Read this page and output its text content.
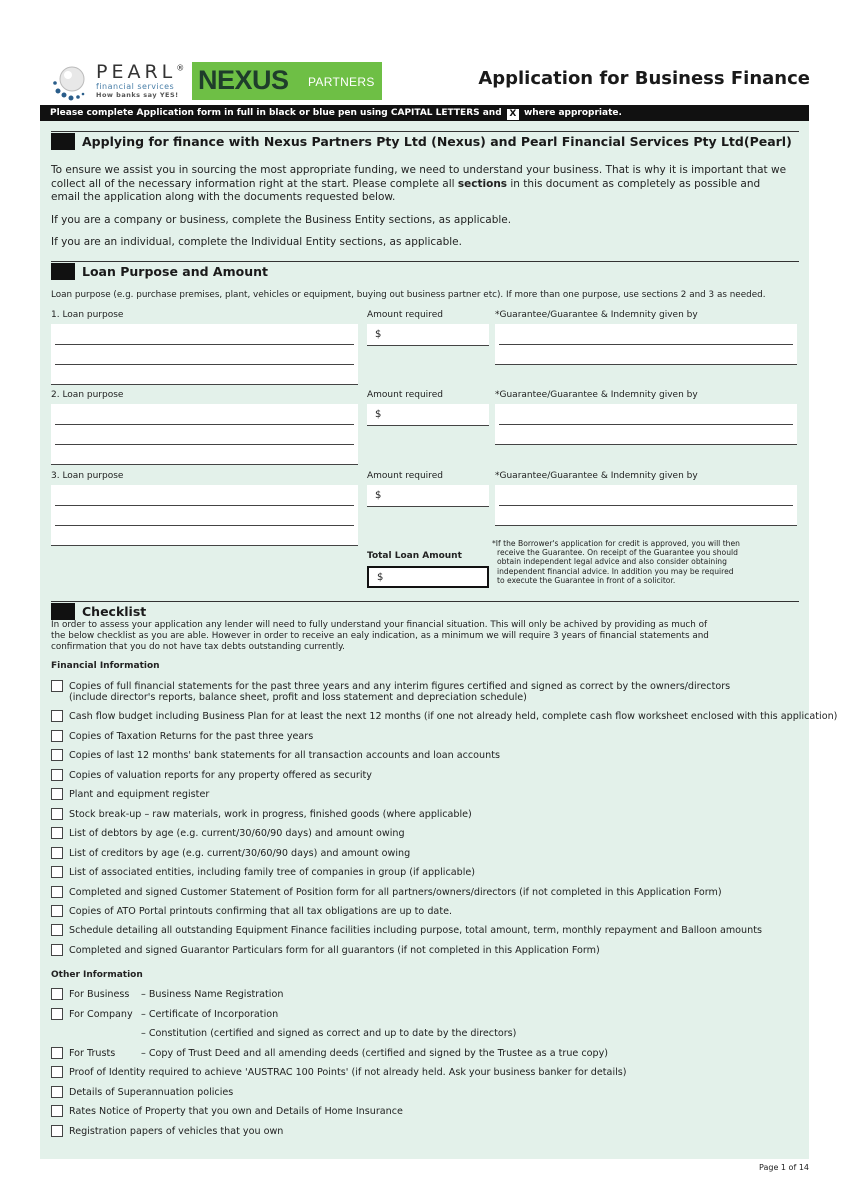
PEARL®
financial services
How banks say YES! NEXUS PARTNERS	Application for Business Finance
Please complete Application form in full in black or blue pen using CAPITAL LETTERS and X where appropriate.
Applying for finance with Nexus Partners Pty Ltd (Nexus) and Pearl Financial Services Pty Ltd(Pearl)
To ensure we assist you in sourcing the most appropriate funding, we need to understand your business. That is why it is important that we collect all of the necessary information right at the start. Please complete all sections in this document as completely as possible and email the application along with the documents requested below.
If you are a company or business, complete the Business Entity sections, as applicable.
If you are an individual, complete the Individual Entity sections, as applicable.
Loan Purpose and Amount
Loan purpose (e.g. purchase premises, plant, vehicles or equipment, buying out business partner etc). If more than one purpose, use sections 2 and 3 as needed.
1. Loan purpose	Amount required	*Guarantee/Guarantee & Indemnity given by
$
2. Loan purpose	Amount required	*Guarantee/Guarantee & Indemnity given by
$
3. Loan purpose	Amount required	*Guarantee/Guarantee & Indemnity given by
$
Total Loan Amount
$
*If the Borrower's application for credit is approved, you will then
receive the Guarantee. On receipt of the Guarantee you should
obtain independent legal advice and also consider obtaining
independent financial advice. In addition you may be required
to execute the Guarantee in front of a solicitor.
Checklist
In order to assess your application any lender will need to fully understand your financial situation. This will only be achived by providing as much of
the below checklist as you are able. However in order to receive an ealy indication, as a minimum we will require 3 years of financial statements and
confirmation that you do not have tax debts outstanding currently.
Financial Information
Other Information
For Business	– Business Name Registration
For Company – Certificate of Incorporation
– Constitution (certified and signed as correct and up to date by the directors)
For Trusts	– Copy of Trust Deed and all amending deeds (certified and signed by the Trustee as a true copy)
Copies of full financial statements for the past three years and any interim figures certified and signed as correct by the owners/directors
(include director's reports, balance sheet, profit and loss statement and depreciation schedule)
Cash flow budget including Business Plan for at least the next 12 months (if one not already held, complete cash flow worksheet enclosed with this application)
Copies of Taxation Returns for the past three years
Copies of last 12 months' bank statements for all transaction accounts and loan accounts
Copies of valuation reports for any property offered as security
Plant and equipment register
Stock break-up – raw materials, work in progress, finished goods (where applicable)
List of debtors by age (e.g. current/30/60/90 days) and amount owing
List of creditors by age (e.g. current/30/60/90 days) and amount owing
List of associated entities, including family tree of companies in group (if applicable)
Completed and signed Customer Statement of Position form for all partners/owners/directors (if not completed in this Application Form)
Copies of ATO Portal printouts confirming that all tax obligations are up to date.
Schedule detailing all outstanding Equipment Finance facilities including purpose, total amount, term, monthly repayment and Balloon amounts
Completed and signed Guarantor Particulars form for all guarantors (if not completed in this Application Form)
Proof of Identity required to achieve 'AUSTRAC 100 Points' (if not already held. Ask your business banker for details)
Details of Superannuation policies
Rates Notice of Property that you own and Details of Home Insurance
Registration papers of vehicles that you own
Page 1 of 14
